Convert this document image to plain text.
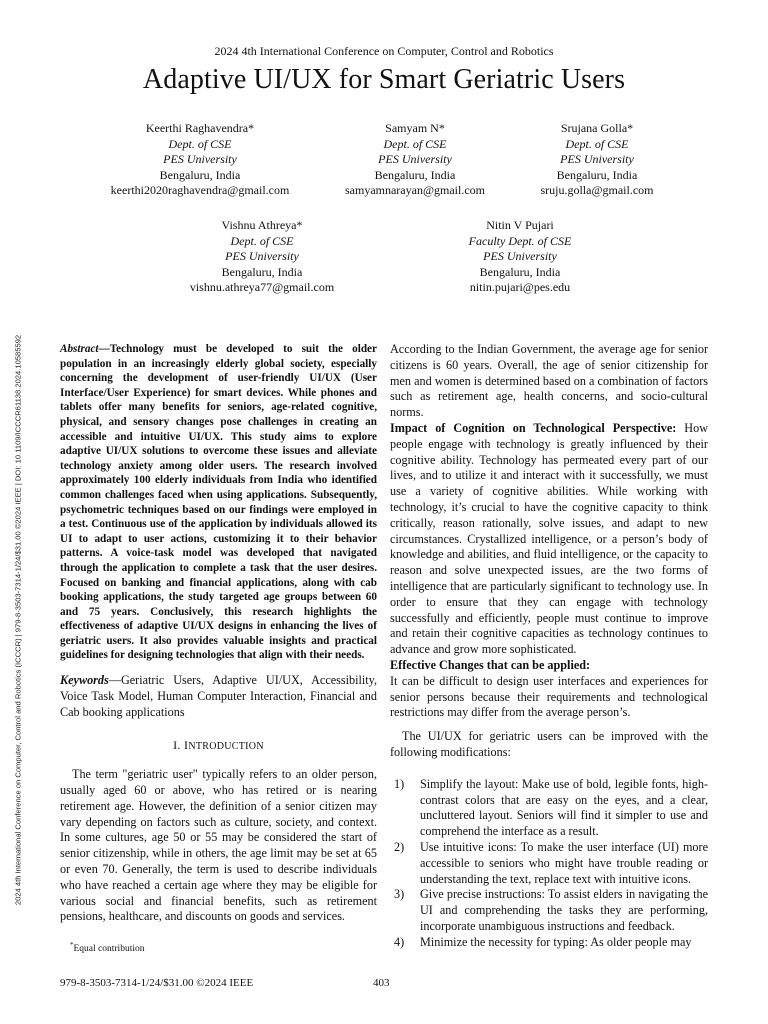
2024 4th International Conference on Computer, Control and Robotics
Adaptive UI/UX for Smart Geriatric Users
Keerthi Raghavendra*
Dept. of CSE
PES University
Bengaluru, India
keerthi2020raghavendra@gmail.com
Samyam N*
Dept. of CSE
PES University
Bengaluru, India
samyamnarayan@gmail.com
Srujana Golla*
Dept. of CSE
PES University
Bengaluru, India
sruju.golla@gmail.com
Vishnu Athreya*
Dept. of CSE
PES University
Bengaluru, India
vishnu.athreya77@gmail.com
Nitin V Pujari
Faculty Dept. of CSE
PES University
Bengaluru, India
nitin.pujari@pes.edu
2024 4th International Conference on Computer, Control and Robotics (ICCCR) | 979-8-3503-7314-1/24/$31.00 ©2024 IEEE | DOI: 10.1109/ICCCR61138.2024.10585592	Abstract—Technology must be developed to suit the older population in an increasingly elderly global society, especially concerning the development of user-friendly UI/UX (User Interface/User Experience) for smart devices. While phones and tablets offer many benefits for seniors, age-related cognitive, physical, and sensory changes pose challenges in creating an accessible and intuitive UI/UX. This study aims to explore adaptive UI/UX solutions to overcome these issues and alleviate technology anxiety among older users. The research involved approximately 100 elderly individuals from India who identified common challenges faced when using applications. Subsequently, psychometric techniques based on our findings were employed in a test. Continuous use of the application by individuals allowed its UI to adapt to user actions, customizing it to their behavior patterns. A voice-task model was developed that navigated through the application to complete a task that the user desires. Focused on banking and financial applications, along with cab booking applications, the study targeted age groups between 60 and 75 years. Conclusively, this research highlights the effectiveness of adaptive UI/UX designs in enhancing the lives of geriatric users. It also provides valuable insights and practical guidelines for designing technologies that align with their needs.

Keywords—Geriatric Users, Adaptive UI/UX, Accessibility, Voice Task Model, Human Computer Interaction, Financial and Cab booking applications

I. INTRODUCTION

The term "geriatric user" typically refers to an older person, usually aged 60 or above, who has retired or is nearing retirement age. However, the definition of a senior citizen may vary depending on factors such as culture, society, and context. In some cultures, age 50 or 55 may be considered the start of senior citizenship, while in others, the age limit may be set at 65 or even 70. Generally, the term is used to describe individuals who have reached a certain age where they may be eligible for various social and financial benefits, such as retirement pensions, healthcare, and discounts on goods and services.

*Equal contribution

According to the Indian Government, the average age for senior citizens is 60 years. Overall, the age of senior citizenship for men and women is determined based on a combination of factors such as retirement age, health concerns, and socio-cultural norms.

Impact of Cognition on Technological Perspective: How people engage with technology is greatly influenced by their cognitive ability. Technology has permeated every part of our lives, and to utilize it and interact with it successfully, we must use a variety of cognitive abilities. While working with technology, it’s crucial to have the cognitive capacity to think critically, reason rationally, solve issues, and adapt to new circumstances. Crystallized intelligence, or a person’s body of knowledge and abilities, and fluid intelligence, or the capacity to reason and solve unexpected issues, are the two forms of intelligence that are particularly significant to technology use. In order to ensure that they can engage with technology successfully and efficiently, people must continue to improve and retain their cognitive capacities as technology continues to advance and grow more sophisticated.

Effective Changes that can be applied:

It can be difficult to design user interfaces and experiences for senior persons because their requirements and technological restrictions may differ from the average person’s.

The UI/UX for geriatric users can be improved with the following modifications:

1) Simplify the layout: Make use of bold, legible fonts, high-contrast colors that are easy on the eyes, and a clear, uncluttered layout. Seniors will find it simpler to use and comprehend the interface as a result.
2) Use intuitive icons: To make the user interface (UI) more accessible to seniors who might have trouble reading or understanding the text, replace text with intuitive icons.
3) Give precise instructions: To assist elders in navigating the UI and comprehending the tasks they are performing, incorporate unambiguous instructions and feedback.
4) Minimize the necessity for typing: As older people may
979-8-3503-7314-1/24/$31.00 ©2024 IEEE	403
